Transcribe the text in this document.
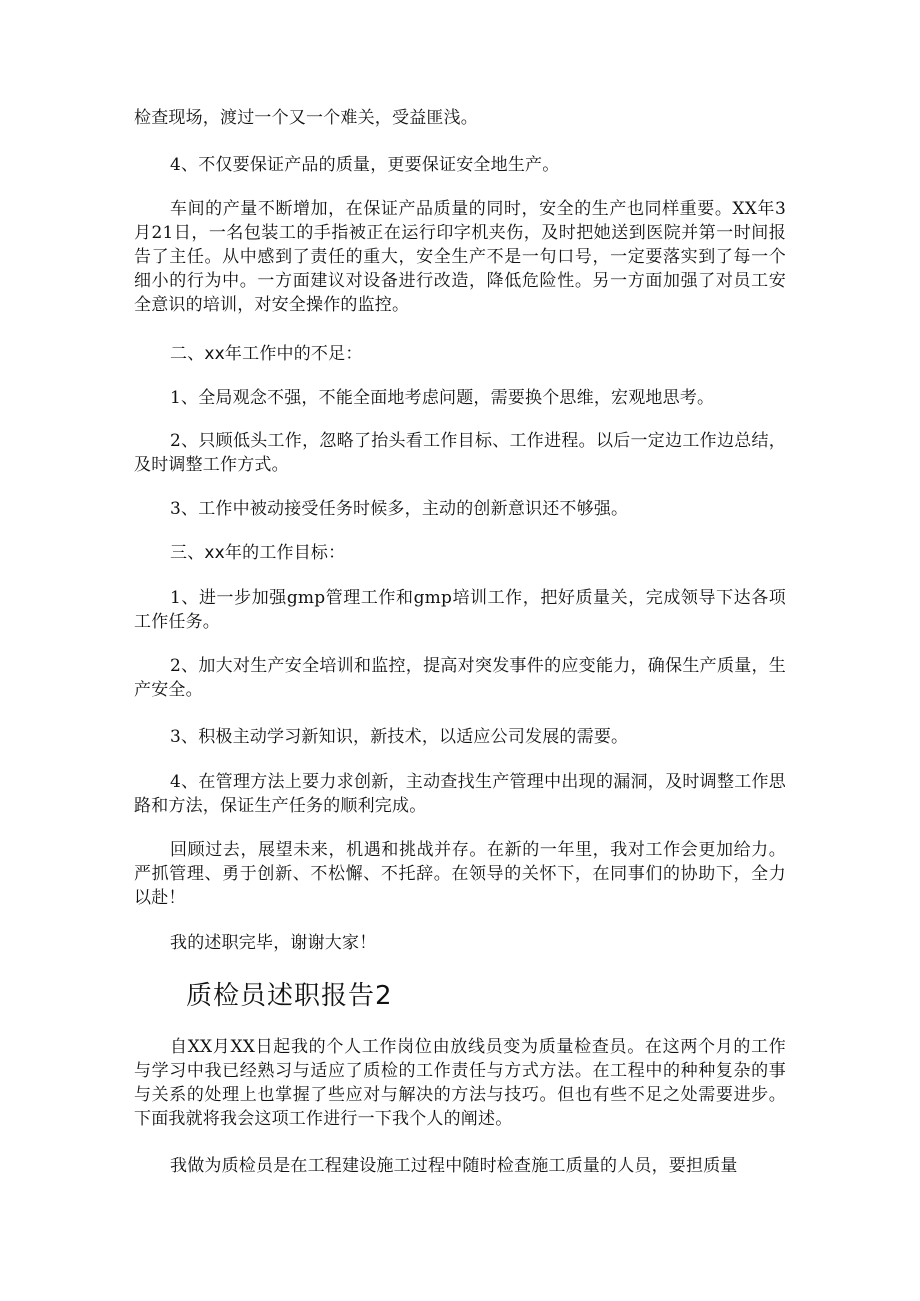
检查现场，渡过一个又一个难关，受益匪浅。

4、不仅要保证产品的质量，更要保证安全地生产。

车间的产量不断增加，在保证产品质量的同时，安全的生产也同样重要。XX年3月21日，一名包装工的手指被正在运行印字机夹伤，及时把她送到医院并第一时间报告了主任。从中感到了责任的重大，安全生产不是一句口号，一定要落实到了每一个细小的行为中。一方面建议对设备进行改造，降低危险性。另一方面加强了对员工安全意识的培训，对安全操作的监控。

二、xx年工作中的不足：

1、全局观念不强，不能全面地考虑问题，需要换个思维，宏观地思考。

2、只顾低头工作，忽略了抬头看工作目标、工作进程。以后一定边工作边总结，及时调整工作方式。

3、工作中被动接受任务时候多，主动的创新意识还不够强。

三、xx年的工作目标：

1、进一步加强gmp管理工作和gmp培训工作，把好质量关，完成领导下达各项工作任务。

2、加大对生产安全培训和监控，提高对突发事件的应变能力，确保生产质量，生产安全。

3、积极主动学习新知识，新技术，以适应公司发展的需要。

4、在管理方法上要力求创新，主动查找生产管理中出现的漏洞，及时调整工作思路和方法，保证生产任务的顺利完成。

回顾过去，展望未来，机遇和挑战并存。在新的一年里，我对工作会更加给力。严抓管理、勇于创新、不松懈、不托辞。在领导的关怀下，在同事们的协助下，全力以赴！

我的述职完毕，谢谢大家！

质检员述职报告2

自XX月XX日起我的个人工作岗位由放线员变为质量检查员。在这两个月的工作与学习中我已经熟习与适应了质检的工作责任与方式方法。在工程中的种种复杂的事与关系的处理上也掌握了些应对与解决的方法与技巧。但也有些不足之处需要进步。下面我就将我会这项工作进行一下我个人的阐述。

我做为质检员是在工程建设施工过程中随时检查施工质量的人员，要担质量
